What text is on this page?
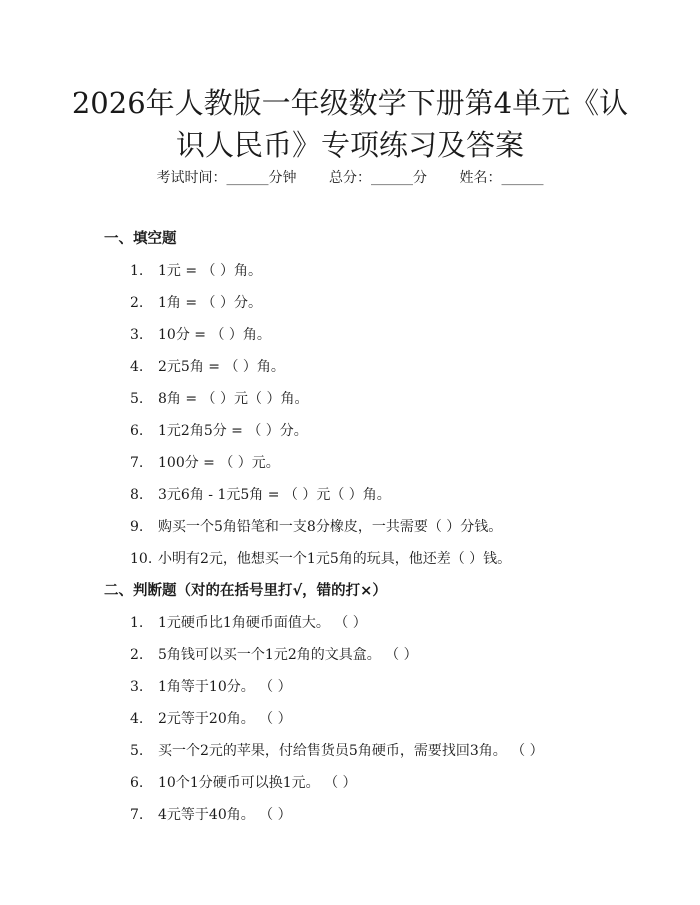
2026年人教版一年级数学下册第4单元《认
识人民币》专项练习及答案
考试时间：______分钟 总分：______分 姓名：______
一、填空题
1. 1元 = （ ）角。
2. 1角 = （ ）分。
3. 10分 = （ ）角。
4. 2元5角 = （ ）角。
5. 8角 = （ ）元（ ）角。
6. 1元2角5分 = （ ）分。
7. 100分 = （ ）元。
8. 3元6角 - 1元5角 = （ ）元（ ）角。
9. 购买一个5角铅笔和一支8分橡皮，一共需要（ ）分钱。
10. 小明有2元，他想买一个1元5角的玩具，他还差（ ）钱。
二、判断题（对的在括号里打√，错的打×）
1. 1元硬币比1角硬币面值大。 （ ）
2. 5角钱可以买一个1元2角的文具盒。 （ ）
3. 1角等于10分。 （ ）
4. 2元等于20角。 （ ）
5. 买一个2元的苹果，付给售货员5角硬币，需要找回3角。 （ ）
6. 10个1分硬币可以换1元。 （ ）
7. 4元等于40角。 （ ）
